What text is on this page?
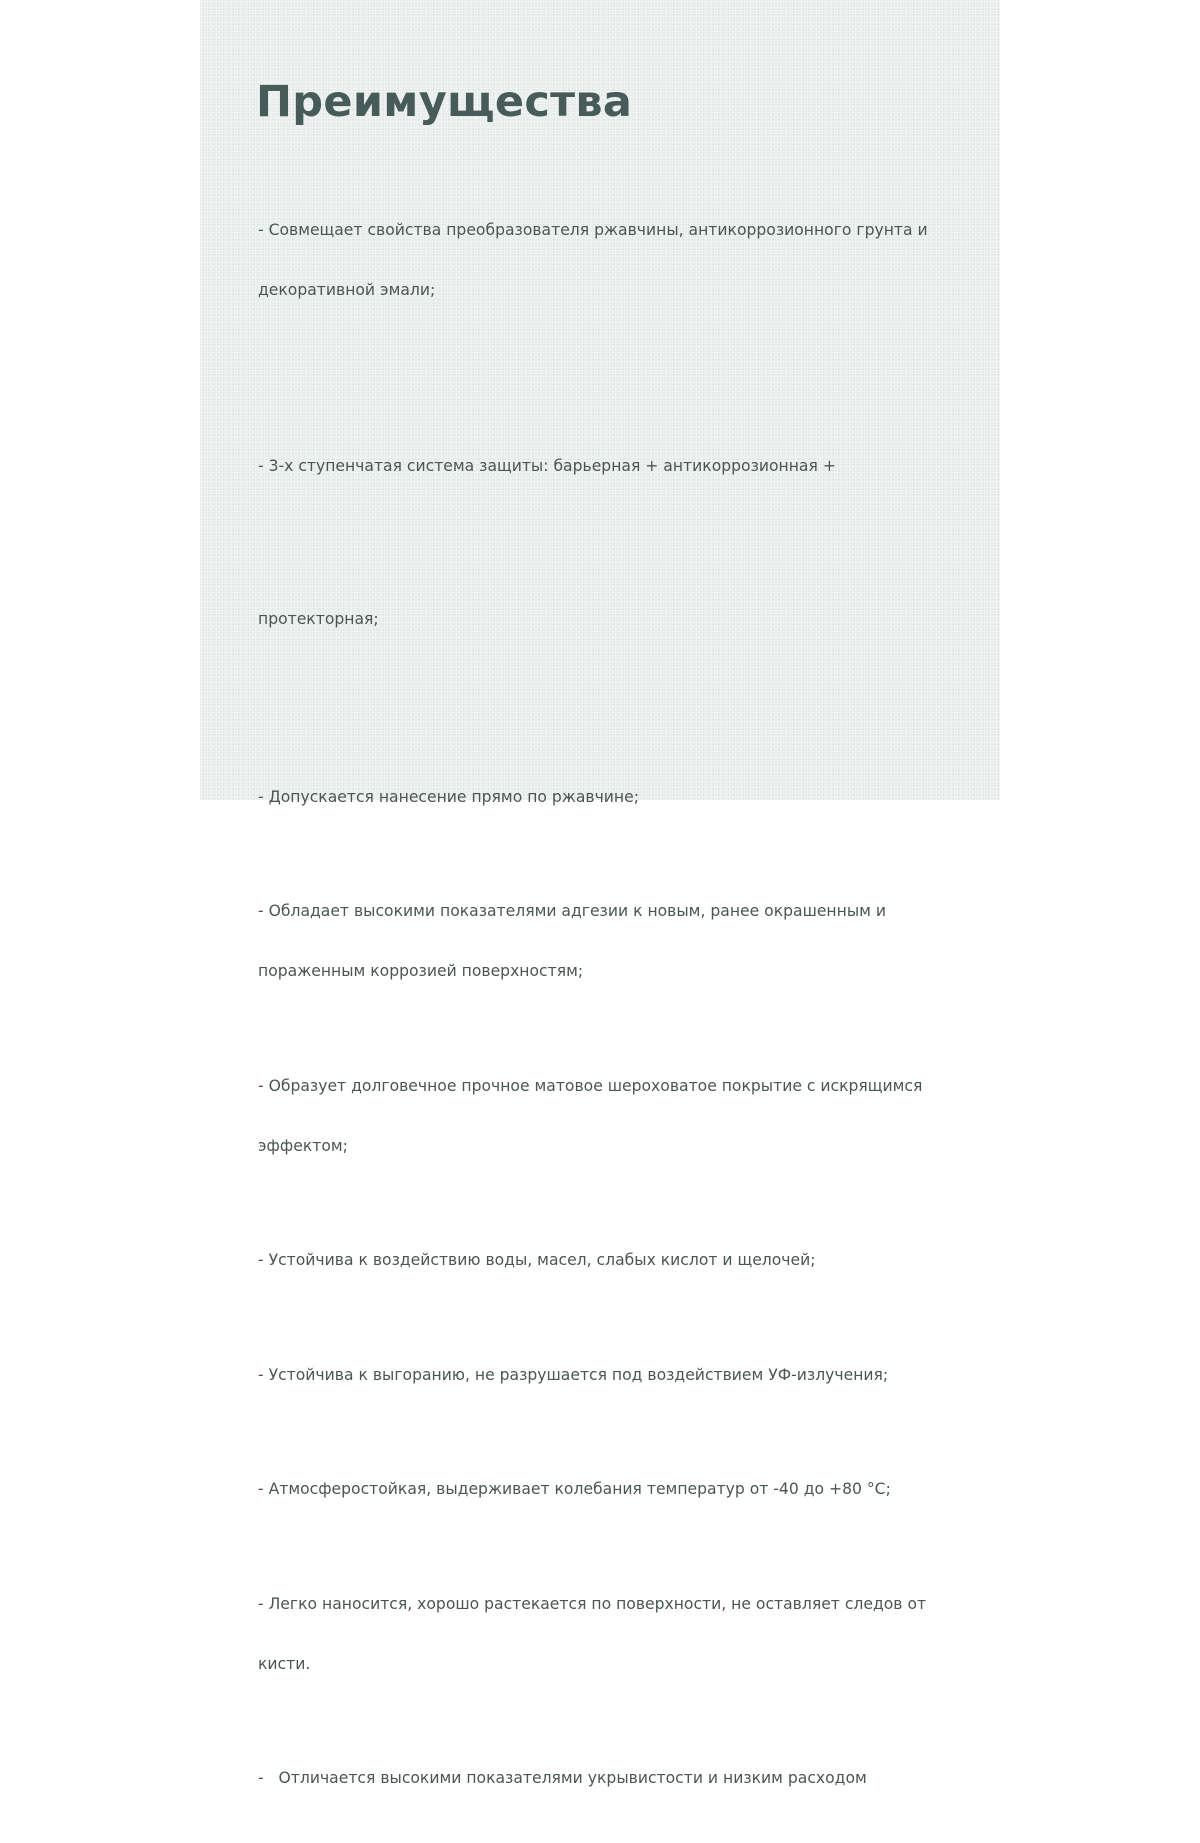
Преимущества

- Совмещает свойства преобразователя ржавчины, антикоррозионного грунта и

декоративной эмали;

- 3-х ступенчатая система защиты: барьерная + антикоррозионная +

протекторная;

- Допускается нанесение прямо по ржавчине;

- Обладает высокими показателями адгезии к новым, ранее окрашенным и

пораженным коррозией поверхностям;

- Образует долговечное прочное матовое шероховатое покрытие с искрящимся

эффектом;

- Устойчива к воздействию воды, масел, слабых кислот и щелочей;

- Устойчива к выгоранию, не разрушается под воздействием УФ-излучения;

- Атмосферостойкая, выдерживает колебания температур от -40 до +80 °С;

- Легко наносится, хорошо растекается по поверхности, не оставляет следов от

кисти.

-   Отличается высокими показателями укрывистости и низким расходом
